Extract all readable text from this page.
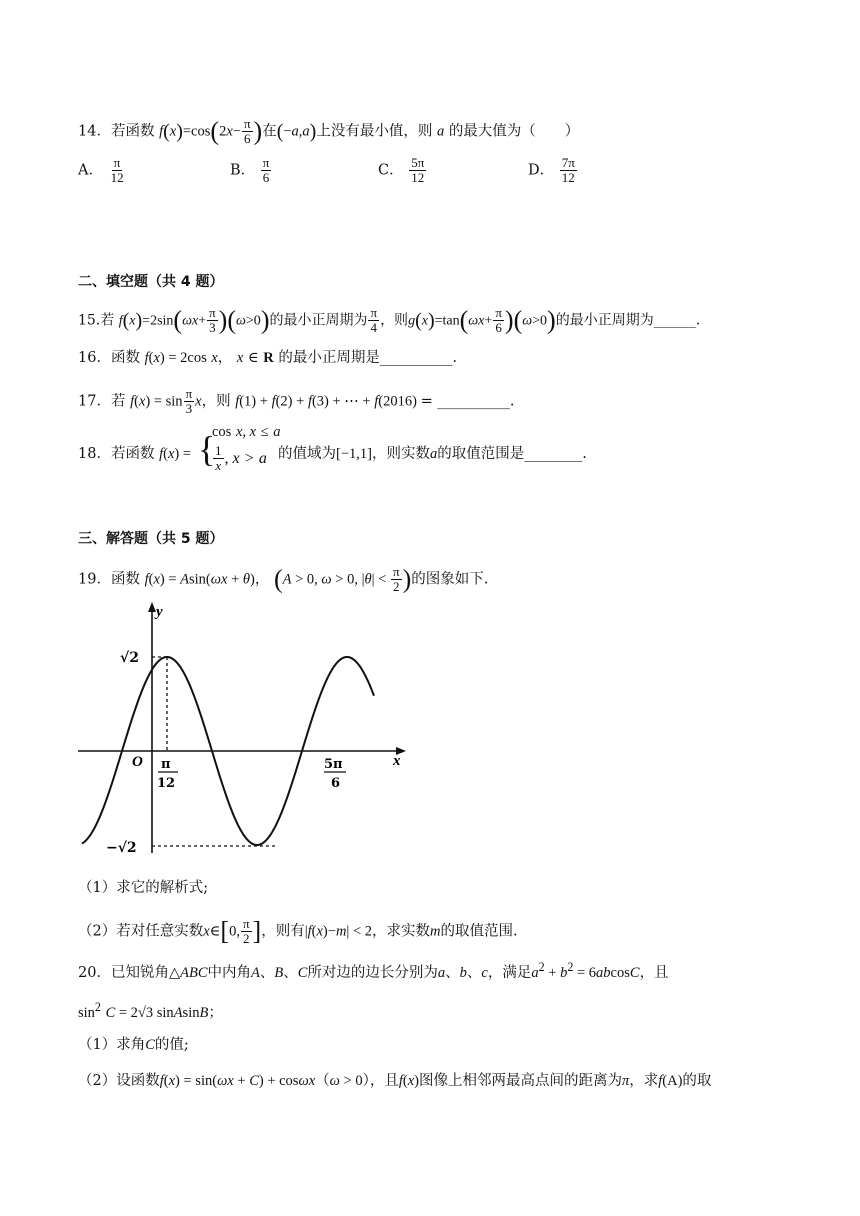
14．若函数 $f(x)=\cos(2x- \frac{\pi}{6}$ )在(−a,a)上没有最小值，则 a 的最大值为（　　）
A． $\frac{\pi}{12}$	B． $\frac{\pi}{6}$	C． $\frac{5\pi}{12}$	D． $\frac{7\pi}{12}$
二、填空题（共 4 题）
15.若 $f(x)=2\sin(\omega x+ \frac{\pi}{3} )(\omega>0)$的最小正周期为 $\frac{\pi}{4}$ ，则$g(x)=\tan(\omega x+ \frac{\pi}{6} )(\omega>0)$的最小正周期为______.
16．函数 f(x) = 2cos x， x ∈ R 的最小正周期是__________.
17．若 $f(x) = \sin \frac{\pi}{3}$ x，则 f(1) + f(2) + f(3) + ⋯ + f(2016) = __________.
18．若函数 f(x) = {
cos x, x ≤ a
$\frac{1}{x}$ , x > a 的值域为[−1,1]，则实数a的取值范围是________.
三、解答题（共 5 题）
19．函数 f(x) = Asin(ωx + θ)， (A > 0, ω > 0, $|\theta| < \frac{\pi}{2}$ )的图象如下.
y
x
O
√2
−√2
π
12
5π
6
（1）求它的解析式;
（2）若对任意实数x∈[0, $\frac{\pi}{2}$ ]，则有|f(x)−m| < 2，求实数m的取值范围.
20．已知锐角△ABC中内角A、B、C所对边的边长分别为a、b、c，满足$a^2 + b^2 = 6abcosC$，且
$\sin^2 C = 2√3$ sinAsinB；
（1）求角C的值;
（2）设函数f(x) = sin(ωx + C) + cosωx（ω > 0），且f(x)图像上相邻两最高点间的距离为π，求f(A)的取
